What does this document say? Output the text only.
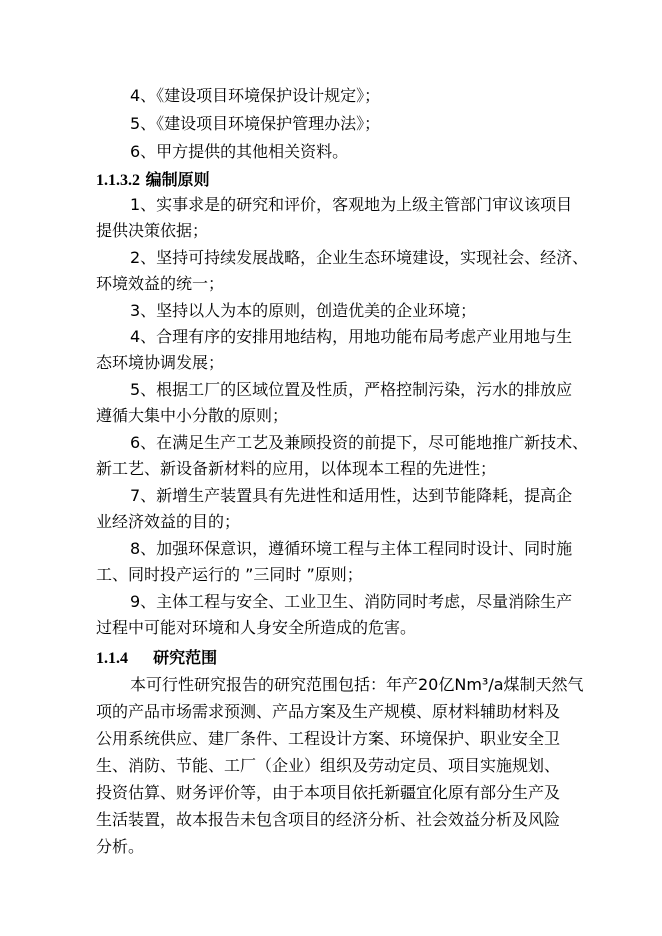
4、《建设项目环境保护设计规定》；
5、《建设项目环境保护管理办法》；
6、甲方提供的其他相关资料。
1.1.3.2 编制原则
1、实事求是的研究和评价，客观地为上级主管部门审议该项目
提供决策依据；
2、坚持可持续发展战略，企业生态环境建设，实现社会、经济、
环境效益的统一；
3、坚持以人为本的原则，创造优美的企业环境；
4、合理有序的安排用地结构，用地功能布局考虑产业用地与生
态环境协调发展；
5、根据工厂的区域位置及性质，严格控制污染，污水的排放应
遵循大集中小分散的原则；
6、在满足生产工艺及兼顾投资的前提下，尽可能地推广新技术、
新工艺、新设备新材料的应用，以体现本工程的先进性；
7、新增生产装置具有先进性和适用性，达到节能降耗，提高企
业经济效益的目的；
8、加强环保意识，遵循环境工程与主体工程同时设计、同时施
工、同时投产运行的 ”三同时 ”原则；
9、主体工程与安全、工业卫生、消防同时考虑，尽量消除生产
过程中可能对环境和人身安全所造成的危害。
1.1.4 研究范围
本可行性研究报告的研究范围包括：年产20亿Nm³/a煤制天然气
项的产品市场需求预测、产品方案及生产规模、原材料辅助材料及
公用系统供应、建厂条件、工程设计方案、环境保护、职业安全卫
生、消防、节能、工厂（企业）组织及劳动定员、项目实施规划、
投资估算、财务评价等，由于本项目依托新疆宜化原有部分生产及
生活装置，故本报告未包含项目的经济分析、社会效益分析及风险
分析。
